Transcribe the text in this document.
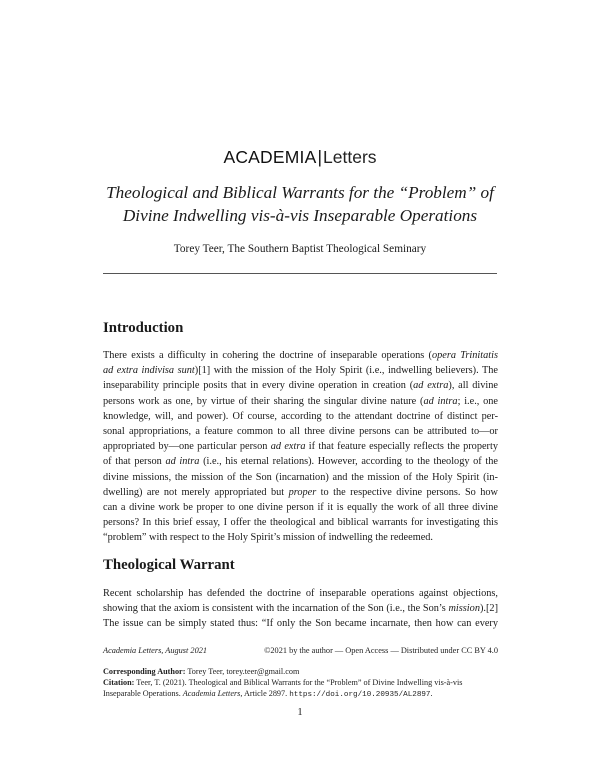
ACADEMIA|Letters
Theological and Biblical Warrants for the “Problem” of
Divine Indwelling vis-à-vis Inseparable Operations
Torey Teer, The Southern Baptist Theological Seminary
Introduction
There exists a difficulty in cohering the doctrine of inseparable operations (opera Trinitatis
ad extra indivisa sunt)[1] with the mission of the Holy Spirit (i.e., indwelling believers). The
inseparability principle posits that in every divine operation in creation (ad extra), all divine
persons work as one, by virtue of their sharing the singular divine nature (ad intra; i.e., one
knowledge, will, and power). Of course, according to the attendant doctrine of distinct per-
sonal appropriations, a feature common to all three divine persons can be attributed to—or
appropriated by—one particular person ad extra if that feature especially reflects the property
of that person ad intra (i.e., his eternal relations). However, according to the theology of the
divine missions, the mission of the Son (incarnation) and the mission of the Holy Spirit (in-
dwelling) are not merely appropriated but proper to the respective divine persons. So how
can a divine work be proper to one divine person if it is equally the work of all three divine
persons? In this brief essay, I offer the theological and biblical warrants for investigating this
“problem” with respect to the Holy Spirit’s mission of indwelling the redeemed.
Theological Warrant
Recent scholarship has defended the doctrine of inseparable operations against objections,
showing that the axiom is consistent with the incarnation of the Son (i.e., the Son’s mission).[2]
The issue can be simply stated thus: “If only the Son became incarnate, then how can every
Academia Letters, August 2021	©2021 by the author — Open Access — Distributed under CC BY 4.0
Corresponding Author: Torey Teer, torey.teer@gmail.com
Citation: Teer, T. (2021). Theological and Biblical Warrants for the “Problem” of Divine Indwelling vis-à-vis Inseparable Operations. Academia Letters, Article 2897. https://doi.org/10.20935/AL2897.
1
